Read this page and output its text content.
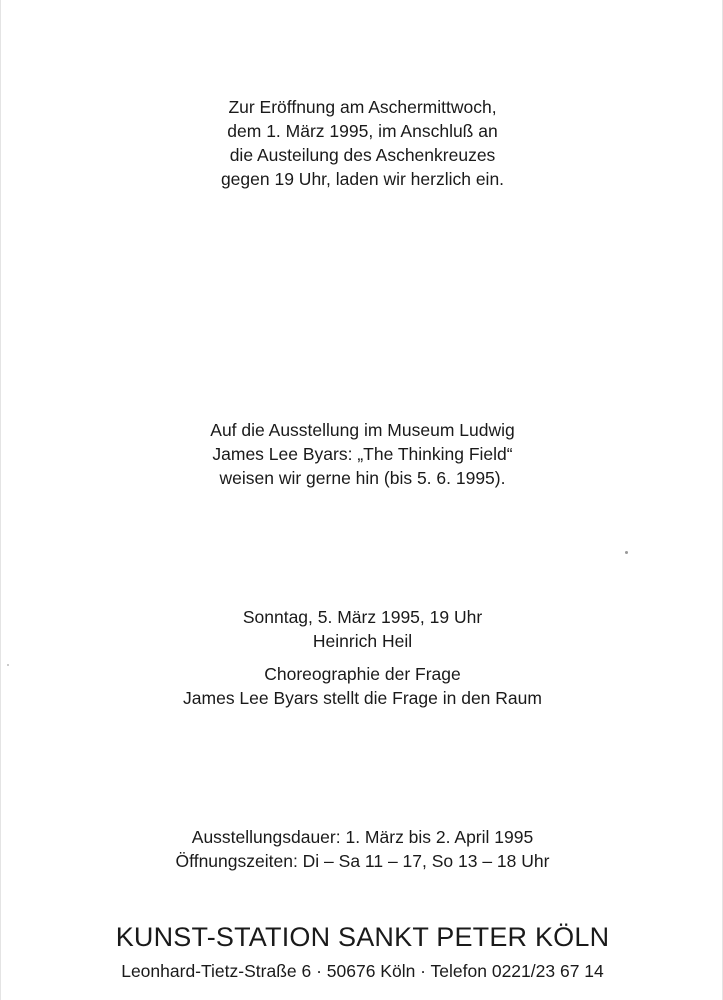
Zur Eröffnung am Aschermittwoch,
dem 1. März 1995, im Anschluß an
die Austeilung des Aschenkreuzes
gegen 19 Uhr, laden wir herzlich ein.
Auf die Ausstellung im Museum Ludwig
James Lee Byars: „The Thinking Field“
weisen wir gerne hin (bis 5. 6. 1995).
Sonntag, 5. März 1995, 19 Uhr
Heinrich Heil
Choreographie der Frage
James Lee Byars stellt die Frage in den Raum
Ausstellungsdauer: 1. März bis 2. April 1995
Öffnungszeiten: Di – Sa 11 – 17, So 13 – 18 Uhr
KUNST-STATION SANKT PETER KÖLN
Leonhard-Tietz-Straße 6 · 50676 Köln · Telefon 0221/23 67 14
